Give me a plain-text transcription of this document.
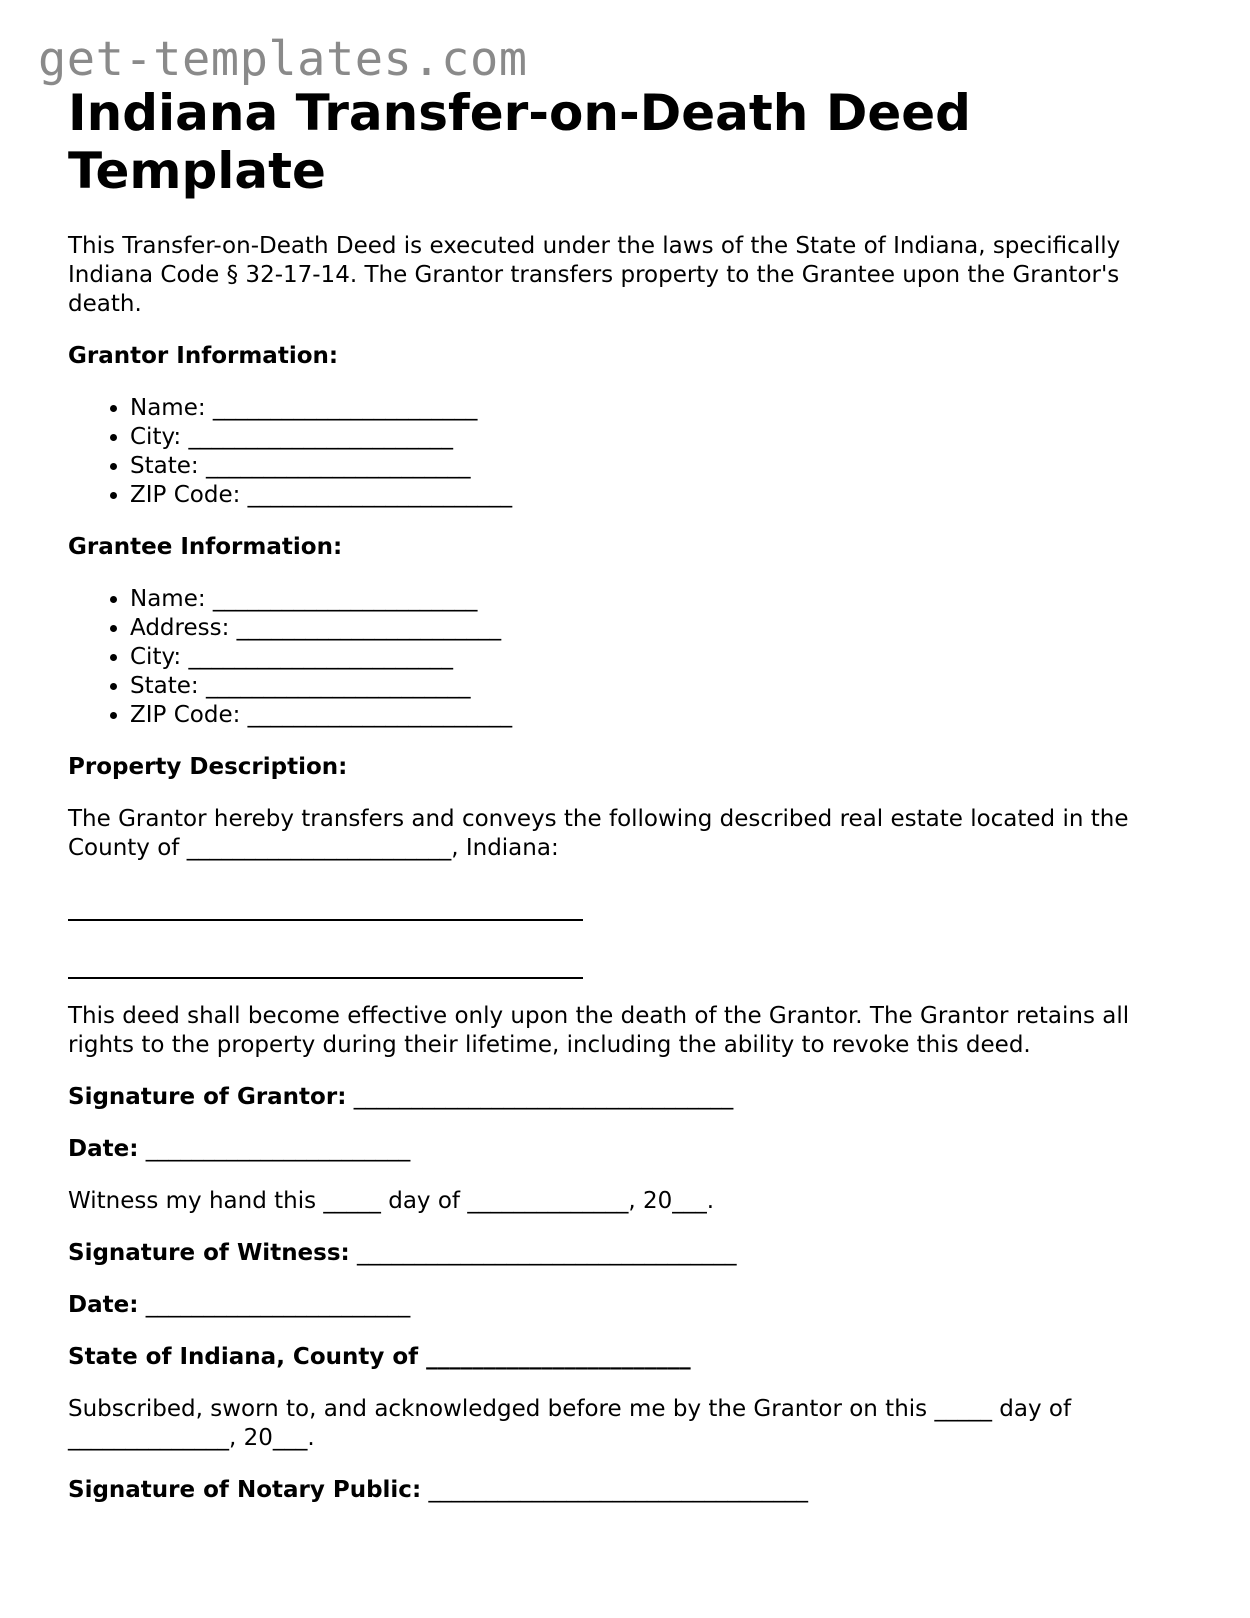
get-templates.com
Indiana Transfer-on-Death Deed Template

This Transfer-on-Death Deed is executed under the laws of the State of Indiana, specifically Indiana Code § 32-17-14. The Grantor transfers property to the Grantee upon the Grantor's death.

Grantor Information:

• Name: _______________________
• City: _______________________
• State: _______________________
• ZIP Code: _______________________

Grantee Information:

• Name: _______________________
• Address: _______________________
• City: _______________________
• State: _______________________
• ZIP Code: _______________________

Property Description:

The Grantor hereby transfers and conveys the following described real estate located in the County of _______________________, Indiana:

This deed shall become effective only upon the death of the Grantor. The Grantor retains all rights to the property during their lifetime, including the ability to revoke this deed.

Signature of Grantor: _________________________________

Date: _______________________

Witness my hand this _____ day of ______________, 20___.

Signature of Witness: _________________________________

Date: _______________________

State of Indiana, County of _______________________

Subscribed, sworn to, and acknowledged before me by the Grantor on this _____ day of ______________, 20___.

Signature of Notary Public: _________________________________
